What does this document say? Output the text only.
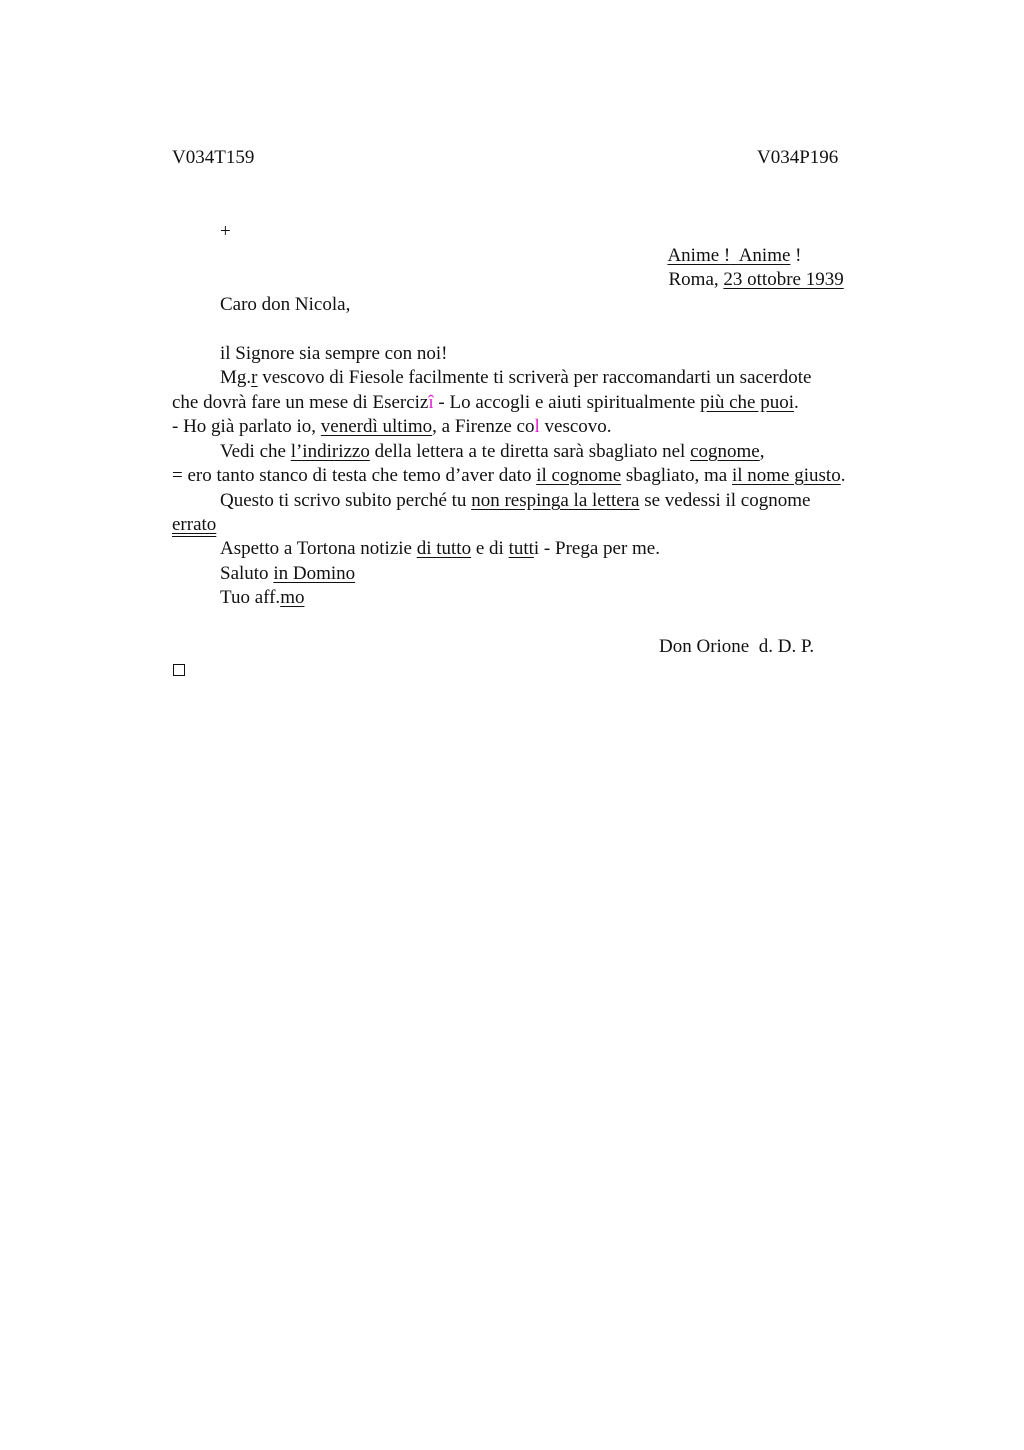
V034T159	V034P196
+

Anime ! Anime !

Roma, 23 ottobre 1939

Caro don Nicola,
il Signore sia sempre con noi!
Mg.r vescovo di Fiesole facilmente ti scriverà per raccomandarti un sacerdote
che dovrà fare un mese di Esercizî - Lo accogli e aiuti spiritualmente più che puoi.
- Ho già parlato io, venerdì ultimo, a Firenze col vescovo.
Vedi che l’indirizzo della lettera a te diretta sarà sbagliato nel cognome,
= ero tanto stanco di testa che temo d’aver dato il cognome sbagliato, ma il nome giusto.
Questo ti scrivo subito perché tu non respinga la lettera se vedessi il cognome
errato
Aspetto a Tortona notizie di tutto e di tutti - Prega per me.
Saluto in Domino
Tuo aff.mo
Don Orione  d. D. P.
